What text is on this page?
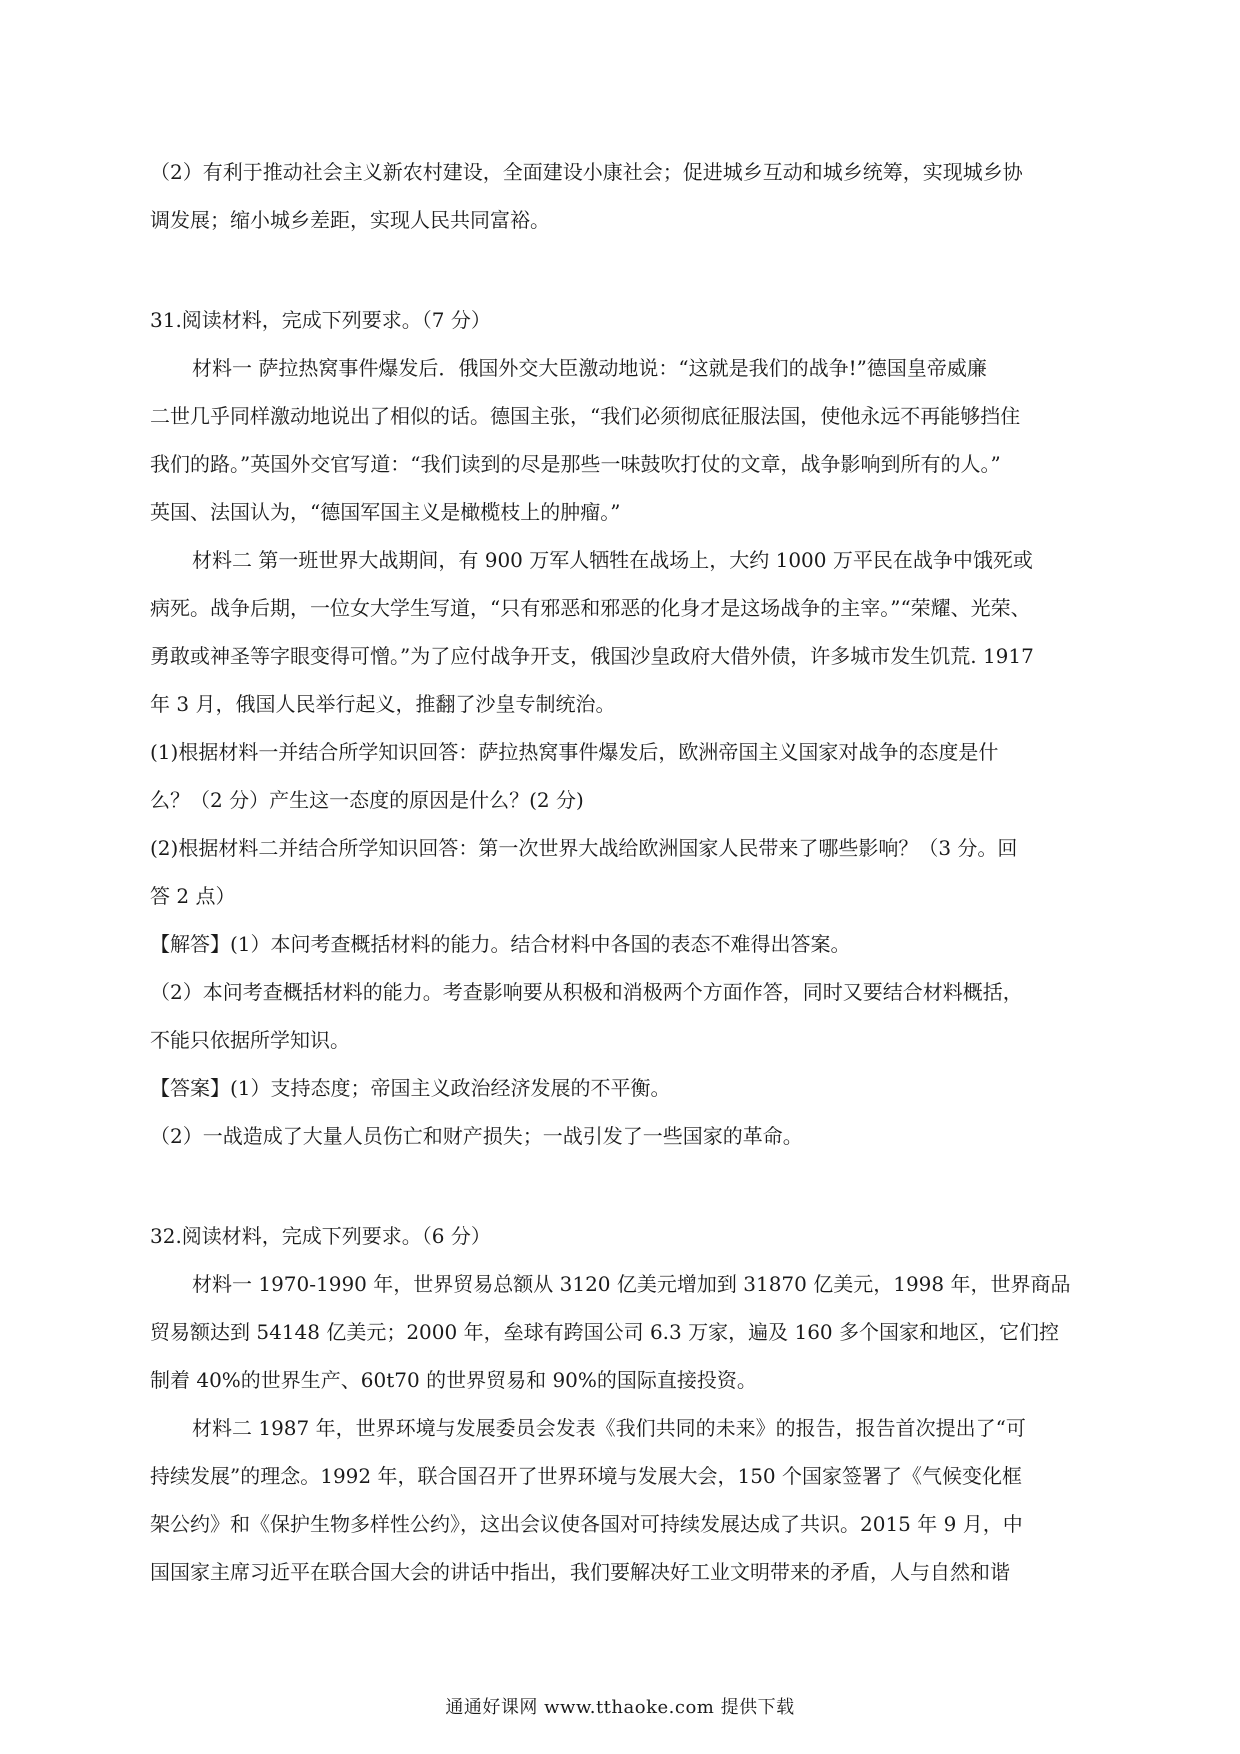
（2）有利于推动社会主义新农村建设，全面建设小康社会；促进城乡互动和城乡统筹，实现城乡协
调发展；缩小城乡差距，实现人民共同富裕。
31.阅读材料，完成下列要求。（7 分）
材料一 萨拉热窝事件爆发后．俄国外交大臣激动地说：“这就是我们的战争!”德国皇帝威廉
二世几乎同样激动地说出了相似的话。德国主张，“我们必须彻底征服法国，使他永远不再能够挡住
我们的路。”英国外交官写道：“我们读到的尽是那些一味鼓吹打仗的文章，战争影响到所有的人。”
英国、法国认为，“德国军国主义是橄榄枝上的肿瘤。”
材料二 第一班世界大战期间，有 900 万军人牺牲在战场上，大约 1000 万平民在战争中饿死或
病死。战争后期，一位女大学生写道，“只有邪恶和邪恶的化身才是这场战争的主宰。”“荣耀、光荣、
勇敢或神圣等字眼变得可憎。”为了应付战争开支，俄国沙皇政府大借外债，许多城市发生饥荒. 1917
年 3 月，俄国人民举行起义，推翻了沙皇专制统治。
(1)根据材料一并结合所学知识回答：萨拉热窝事件爆发后，欧洲帝国主义国家对战争的态度是什
么？（2 分）产生这一态度的原因是什么？(2 分)
(2)根据材料二并结合所学知识回答：第一次世界大战给欧洲国家人民带来了哪些影响？（3 分。回
答 2 点）
【解答】(1）本问考查概括材料的能力。结合材料中各国的表态不难得出答案。
（2）本问考查概括材料的能力。考查影响要从积极和消极两个方面作答，同时又要结合材料概括，
不能只依据所学知识。
【答案】(1）支持态度；帝国主义政治经济发展的不平衡。
（2）一战造成了大量人员伤亡和财产损失；一战引发了一些国家的革命。
32.阅读材料，完成下列要求。（6 分）
材料一 1970-1990 年，世界贸易总额从 3120 亿美元增加到 31870 亿美元，1998 年，世界商品
贸易额达到 54148 亿美元；2000 年，垒球有跨国公司 6.3 万家，遍及 160 多个国家和地区，它们控
制着 40%的世界生产、60t70 的世界贸易和 90%的国际直接投资。
材料二 1987 年，世界环境与发展委员会发表《我们共同的未来》的报告，报告首次提出了“可
持续发展”的理念。1992 年，联合国召开了世界环境与发展大会，150 个国家签署了《气候变化框
架公约》和《保护生物多样性公约》，这出会议使各国对可持续发展达成了共识。2015 年 9 月，中
国国家主席习近平在联合国大会的讲话中指出，我们要解决好工业文明带来的矛盾，人与自然和谐
通通好课网 www.tthaoke.com 提供下载
